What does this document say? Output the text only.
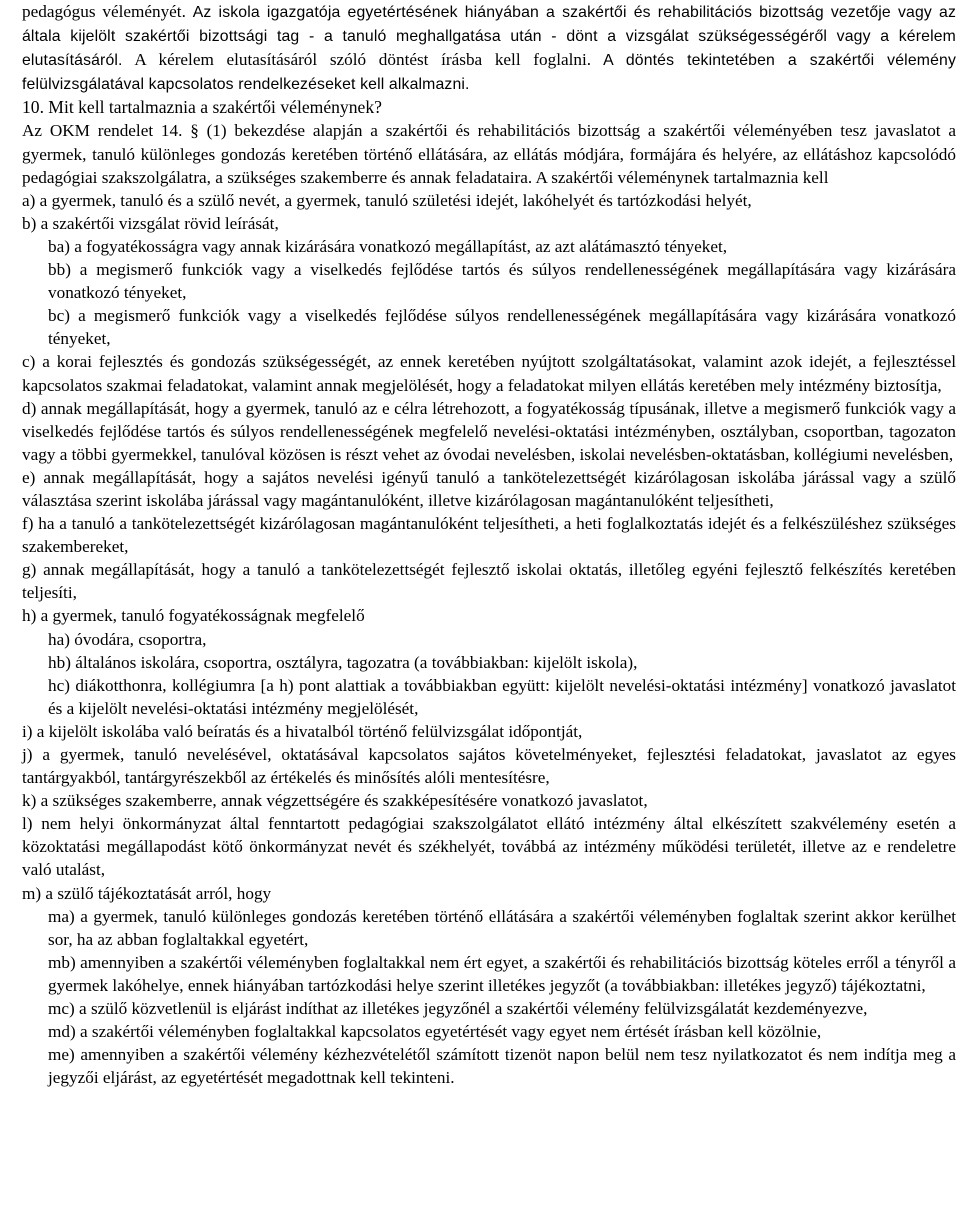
pedagógus véleményét. Az iskola igazgatója egyetértésének hiányában a szakértői és rehabilitációs bizottság vezetője vagy az általa kijelölt szakértői bizottsági tag - a tanuló meghallgatása után - dönt a vizsgálat szükségességéről vagy a kérelem elutasításáról. A kérelem elutasításáról szóló döntést írásba kell foglalni. A döntés tekintetében a szakértői vélemény felülvizsgálatával kapcsolatos rendelkezéseket kell alkalmazni.

10. Mit kell tartalmaznia a szakértői véleménynek?

Az OKM rendelet 14. § (1) bekezdése alapján a szakértői és rehabilitációs bizottság a szakértői véleményében tesz javaslatot a gyermek, tanuló különleges gondozás keretében történő ellátására, az ellátás módjára, formájára és helyére, az ellátáshoz kapcsolódó pedagógiai szakszolgálatra, a szükséges szakemberre és annak feladataira. A szakértői véleménynek tartalmaznia kell

a) a gyermek, tanuló és a szülő nevét, a gyermek, tanuló születési idejét, lakóhelyét és tartózkodási helyét,

b) a szakértői vizsgálat rövid leírását,

ba) a fogyatékosságra vagy annak kizárására vonatkozó megállapítást, az azt alátámasztó tényeket,

bb) a megismerő funkciók vagy a viselkedés fejlődése tartós és súlyos rendellenességének megállapítására vagy kizárására vonatkozó tényeket,

bc) a megismerő funkciók vagy a viselkedés fejlődése súlyos rendellenességének megállapítására vagy kizárására vonatkozó tényeket,

c) a korai fejlesztés és gondozás szükségességét, az ennek keretében nyújtott szolgáltatásokat, valamint azok idejét, a fejlesztéssel kapcsolatos szakmai feladatokat, valamint annak megjelölését, hogy a feladatokat milyen ellátás keretében mely intézmény biztosítja,

d) annak megállapítását, hogy a gyermek, tanuló az e célra létrehozott, a fogyatékosság típusának, illetve a megismerő funkciók vagy a viselkedés fejlődése tartós és súlyos rendellenességének megfelelő nevelési-oktatási intézményben, osztályban, csoportban, tagozaton vagy a többi gyermekkel, tanulóval közösen is részt vehet az óvodai nevelésben, iskolai nevelésben-oktatásban, kollégiumi nevelésben,

e) annak megállapítását, hogy a sajátos nevelési igényű tanuló a tankötelezettségét kizárólagosan iskolába járással vagy a szülő választása szerint iskolába járással vagy magántanulóként, illetve kizárólagosan magántanulóként teljesítheti,

f) ha a tanuló a tankötelezettségét kizárólagosan magántanulóként teljesítheti, a heti foglalkoztatás idejét és a felkészüléshez szükséges szakembereket,

g) annak megállapítását, hogy a tanuló a tankötelezettségét fejlesztő iskolai oktatás, illetőleg egyéni fejlesztő felkészítés keretében teljesíti,

h) a gyermek, tanuló fogyatékosságnak megfelelő

ha) óvodára, csoportra,

hb) általános iskolára, csoportra, osztályra, tagozatra (a továbbiakban: kijelölt iskola),

hc) diákotthonra, kollégiumra [a h) pont alattiak a továbbiakban együtt: kijelölt nevelési-oktatási intézmény] vonatkozó javaslatot és a kijelölt nevelési-oktatási intézmény megjelölését,

i) a kijelölt iskolába való beíratás és a hivatalból történő felülvizsgálat időpontját,

j) a gyermek, tanuló nevelésével, oktatásával kapcsolatos sajátos követelményeket, fejlesztési feladatokat, javaslatot az egyes tantárgyakból, tantárgyrészekből az értékelés és minősítés alóli mentesítésre,

k) a szükséges szakemberre, annak végzettségére és szakképesítésére vonatkozó javaslatot,

l) nem helyi önkormányzat által fenntartott pedagógiai szakszolgálatot ellátó intézmény által elkészített szakvélemény esetén a közoktatási megállapodást kötő önkormányzat nevét és székhelyét, továbbá az intézmény működési területét, illetve az e rendeletre való utalást,

m) a szülő tájékoztatását arról, hogy

ma) a gyermek, tanuló különleges gondozás keretében történő ellátására a szakértői véleményben foglaltak szerint akkor kerülhet sor, ha az abban foglaltakkal egyetért,

mb) amennyiben a szakértői véleményben foglaltakkal nem ért egyet, a szakértői és rehabilitációs bizottság köteles erről a tényről a gyermek lakóhelye, ennek hiányában tartózkodási helye szerint illetékes jegyzőt (a továbbiakban: illetékes jegyző) tájékoztatni,

mc) a szülő közvetlenül is eljárást indíthat az illetékes jegyzőnél a szakértői vélemény felülvizsgálatát kezdeményezve,

md) a szakértői véleményben foglaltakkal kapcsolatos egyetértését vagy egyet nem értését írásban kell közölnie,

me) amennyiben a szakértői vélemény kézhezvételétől számított tizenöt napon belül nem tesz nyilatkozatot és nem indítja meg a jegyzői eljárást, az egyetértését megadottnak kell tekinteni.
